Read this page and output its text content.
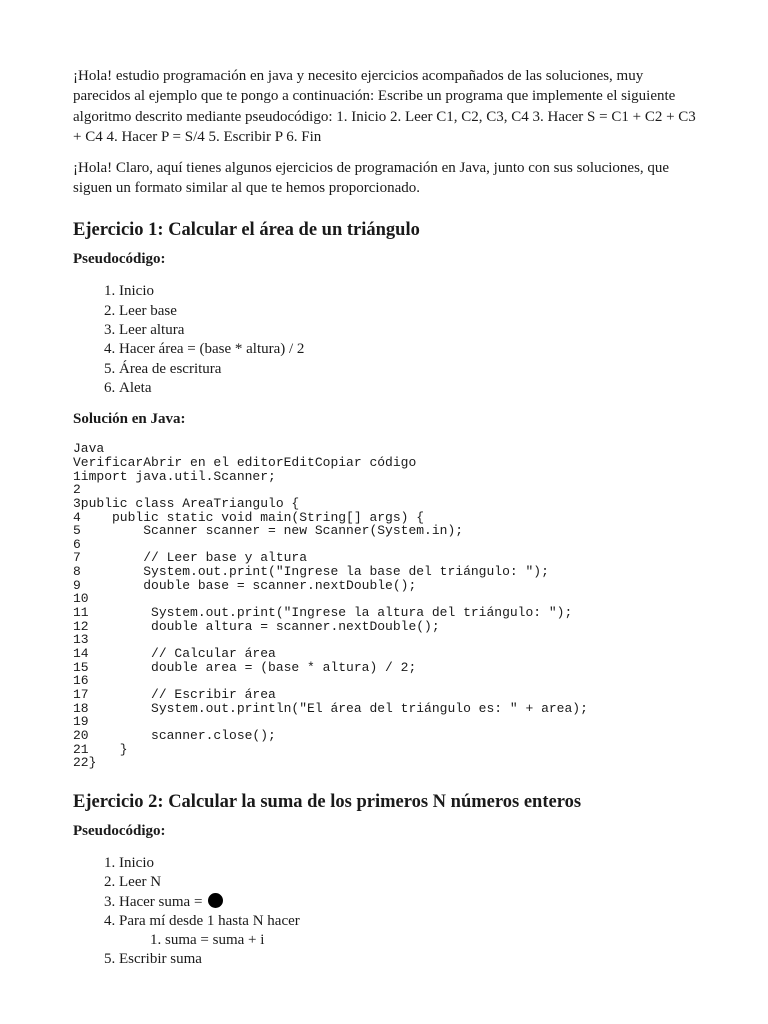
¡Hola! estudio programación en java y necesito ejercicios acompañados de las soluciones, muy parecidos al ejemplo que te pongo a continuación: Escribe un programa que implemente el siguiente algoritmo descrito mediante pseudocódigo: 1. Inicio 2. Leer C1, C2, C3, C4 3. Hacer S = C1 + C2 + C3 + C4 4. Hacer P = S/4 5. Escribir P 6. Fin

¡Hola! Claro, aquí tienes algunos ejercicios de programación en Java, junto con sus soluciones, que siguen un formato similar al que te hemos proporcionado.

Ejercicio 1: Calcular el área de un triángulo
Pseudocódigo:
1. Inicio
2. Leer base
3. Leer altura
4. Hacer área = (base * altura) / 2
5. Área de escritura
6. Aleta
Solución en Java:
Java
VerificarAbrir en el editorEditCopiar código
1import java.util.Scanner;
2
3public class AreaTriangulo {
4    public static void main(String[] args) {
5        Scanner scanner = new Scanner(System.in);
6
7        // Leer base y altura
8        System.out.print("Ingrese la base del triángulo: ");
9        double base = scanner.nextDouble();
10
11        System.out.print("Ingrese la altura del triángulo: ");
12        double altura = scanner.nextDouble();
13
14        // Calcular área
15        double area = (base * altura) / 2;
16
17        // Escribir área
18        System.out.println("El área del triángulo es: " + area);
19
20        scanner.close();
21    }
22}
Ejercicio 2: Calcular la suma de los primeros N números enteros
Pseudocódigo:
1. Inicio
2. Leer N
3. Hacer suma =
4. Para mí desde 1 hasta N hacer
1. suma = suma + i
5. Escribir suma
